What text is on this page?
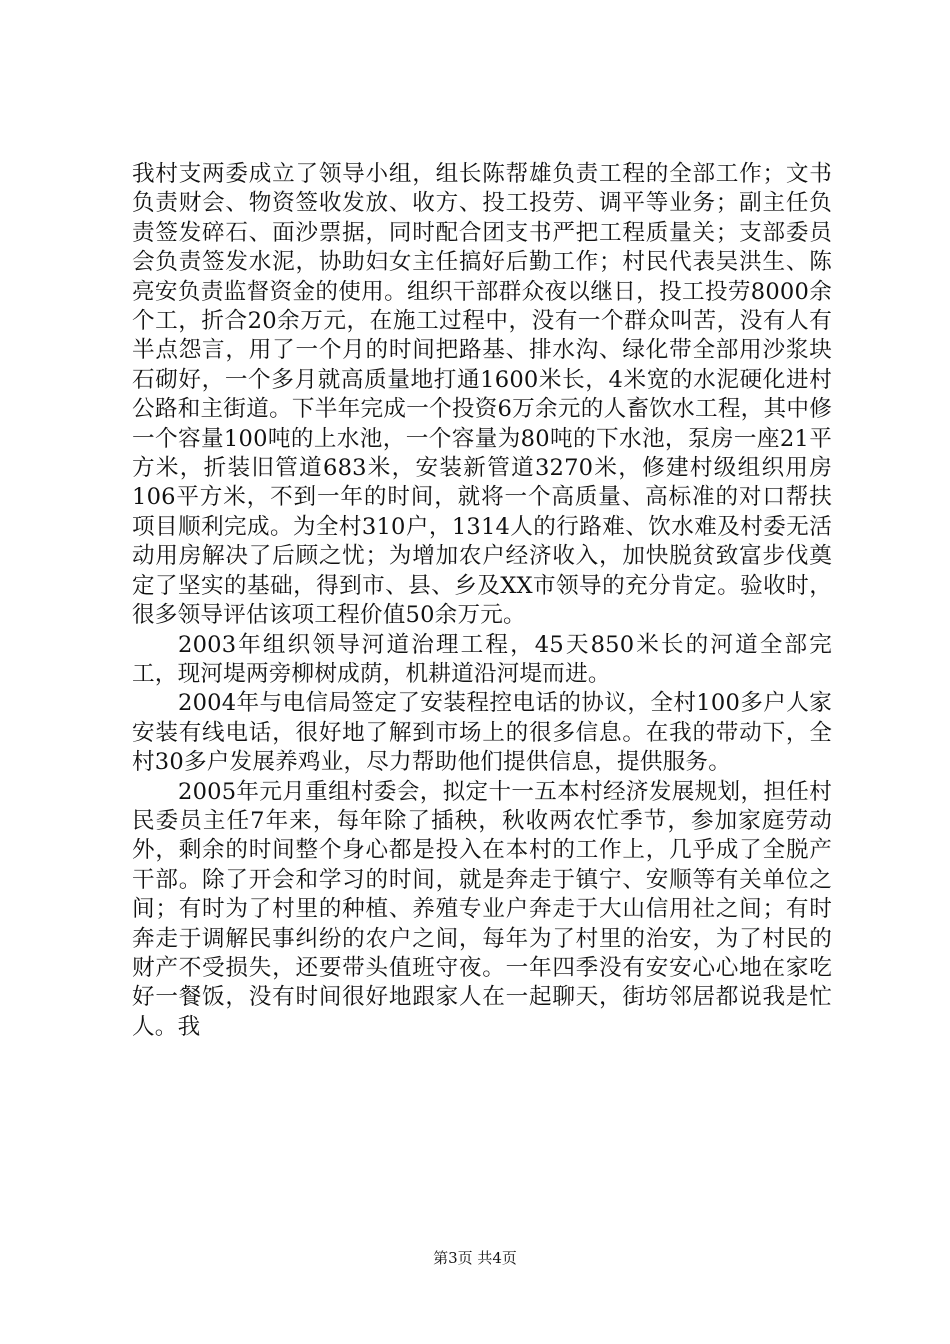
我村支两委成立了领导小组，组长陈帮雄负责工程的全部工作；文书负责财会、物资签收发放、收方、投工投劳、调平等业务；副主任负责签发碎石、面沙票据，同时配合团支书严把工程质量关；支部委员会负责签发水泥，协助妇女主任搞好后勤工作；村民代表吴洪生、陈亮安负责监督资金的使用。组织干部群众夜以继日，投工投劳8000余个工，折合20余万元，在施工过程中，没有一个群众叫苦，没有人有半点怨言，用了一个月的时间把路基、排水沟、绿化带全部用沙浆块石砌好，一个多月就高质量地打通1600米长，4米宽的水泥硬化进村公路和主街道。下半年完成一个投资6万余元的人畜饮水工程，其中修一个容量100吨的上水池，一个容量为80吨的下水池，泵房一座21平方米，折装旧管道683米，安装新管道3270米，修建村级组织用房106平方米，不到一年的时间，就将一个高质量、高标准的对口帮扶项目顺利完成。为全村310户，1314人的行路难、饮水难及村委无活动用房解决了后顾之忧；为增加农户经济收入，加快脱贫致富步伐奠定了坚实的基础，得到市、县、乡及XX市领导的充分肯定。验收时，很多领导评估该项工程价值50余万元。

2003年组织领导河道治理工程，45天850米长的河道全部完工，现河堤两旁柳树成荫，机耕道沿河堤而进。

2004年与电信局签定了安装程控电话的协议，全村100多户人家安装有线电话，很好地了解到市场上的很多信息。在我的带动下，全村30多户发展养鸡业，尽力帮助他们提供信息，提供服务。

2005年元月重组村委会，拟定十一五本村经济发展规划，担任村民委员主任7年来，每年除了插秧，秋收两农忙季节，参加家庭劳动外，剩余的时间整个身心都是投入在本村的工作上，几乎成了全脱产干部。除了开会和学习的时间，就是奔走于镇宁、安顺等有关单位之间；有时为了村里的种植、养殖专业户奔走于大山信用社之间；有时奔走于调解民事纠纷的农户之间，每年为了村里的治安，为了村民的财产不受损失，还要带头值班守夜。一年四季没有安安心心地在家吃好一餐饭，没有时间很好地跟家人在一起聊天，街坊邻居都说我是忙人。我

第3页 共4页
